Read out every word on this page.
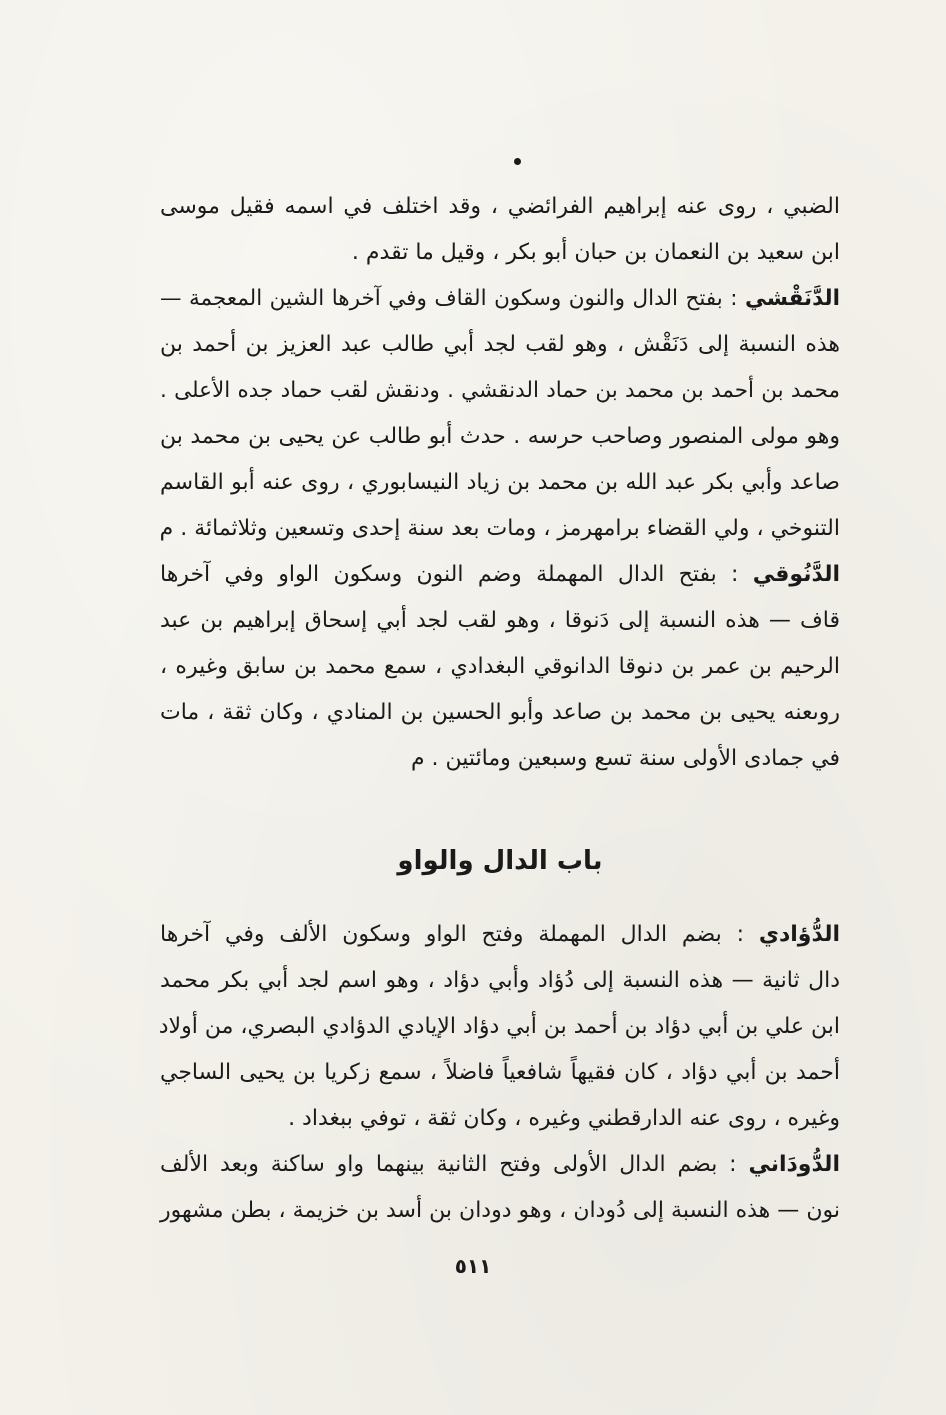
الضبي ، روى عنه إبراهيم الفرائضي ، وقد اختلف في اسمه فقيل موسى
ابن سعيد بن النعمان بن حبان أبو بكر ، وقيل ما تقدم .
الدَّنَقْشي : بفتح الدال والنون وسكون القاف وفي آخرها الشين المعجمة —
هذه النسبة إلى دَنَقْش ، وهو لقب لجد أبي طالب عبد العزيز بن أحمد بن
محمد بن أحمد بن محمد بن حماد الدنقشي . ودنقش لقب حماد جده الأعلى .
وهو مولى المنصور وصاحب حرسه . حدث أبو طالب عن يحيى بن محمد بن
صاعد وأبي بكر عبد الله بن محمد بن زياد النيسابوري ، روى عنه أبو القاسم
التنوخي ، ولي القضاء برامهرمز ، ومات بعد سنة إحدى وتسعين وثلاثمائة . م
الدَّنُوقي : بفتح الدال المهملة وضم النون وسكون الواو وفي آخرها
قاف — هذه النسبة إلى دَنوقا ، وهو لقب لجد أبي إسحاق إبراهيم بن عبد
الرحيم بن عمر بن دنوقا الدانوقي البغدادي ، سمع محمد بن سابق وغيره ،
روىعنه يحيى بن محمد بن صاعد وأبو الحسين بن المنادي ، وكان ثقة ، مات
في جمادى الأولى سنة تسع وسبعين ومائتين . م
باب الدال والواو
الدُّؤادي : بضم الدال المهملة وفتح الواو وسكون الألف وفي آخرها
دال ثانية — هذه النسبة إلى دُؤاد وأبي دؤاد ، وهو اسم لجد أبي بكر محمد
ابن علي بن أبي دؤاد بن أحمد بن أبي دؤاد الإيادي الدؤادي البصري، من أولاد
أحمد بن أبي دؤاد ، كان فقيهاً شافعياً فاضلاً ، سمع زكريا بن يحيى الساجي
وغيره ، روى عنه الدارقطني وغيره ، وكان ثقة ، توفي ببغداد .
الدُّودَاني : بضم الدال الأولى وفتح الثانية بينهما واو ساكنة وبعد الألف
نون — هذه النسبة إلى دُودان ، وهو دودان بن أسد بن خزيمة ، بطن مشهور
٥١١
